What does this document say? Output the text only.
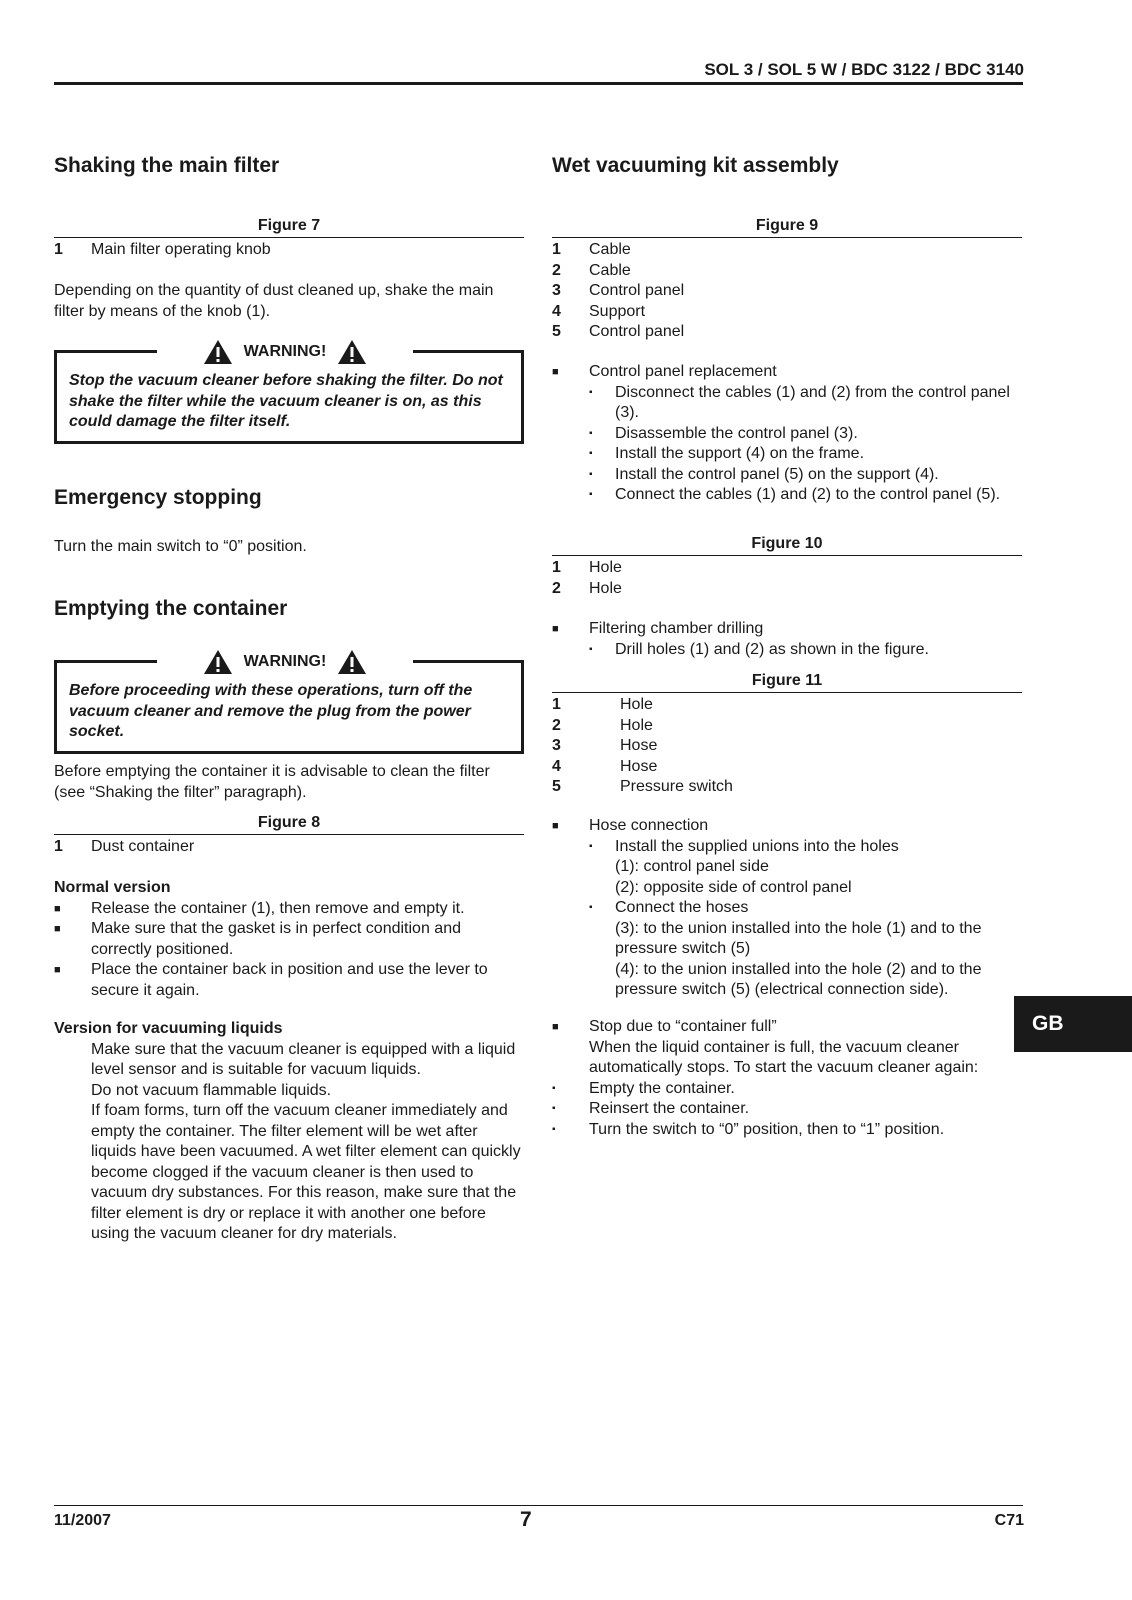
SOL 3 / SOL 5 W / BDC 3122 / BDC 3140
Shaking the main filter
Figure 7
1	Main filter operating knob

Depending on the quantity of dust cleaned up, shake the main filter by means of the knob (1).

WARNING!
Stop the vacuum cleaner before shaking the filter. Do not shake the filter while the vacuum cleaner is on, as this could damage the filter itself.
Emergency stopping

Turn the main switch to “0” position.

Emptying the container
WARNING!
Before proceeding with these operations, turn off the vacuum cleaner and remove the plug from the power socket.

Before emptying the container it is advisable to clean the filter (see “Shaking the filter” paragraph).

Figure 8
1	Dust container
Normal version
■	Release the container (1), then remove and empty it.
■	Make sure that the gasket is in perfect condition and correctly positioned.
■	Place the container back in position and use the lever to secure it again.
Version for vacuuming liquids

Make sure that the vacuum cleaner is equipped with a liquid level sensor and is suitable for vacuum liquids.

Do not vacuum flammable liquids.

If foam forms, turn off the vacuum cleaner immediately and empty the container. The filter element will be wet after liquids have been vacuumed. A wet filter element can quickly become clogged if the vacuum cleaner is then used to vacuum dry substances. For this reason, make sure that the filter element is dry or replace it with another one before using the vacuum cleaner for dry materials.

Wet vacuuming kit assembly
Figure 9
1	Cable
2	Cable
3	Control panel
4	Support
5	Control panel
■	Control panel replacement
▪	Disconnect the cables (1) and (2) from the control panel (3).
▪	Disassemble the control panel (3).
▪	Install the support (4) on the frame.
▪	Install the control panel (5) on the support (4).
▪	Connect the cables (1) and (2) to the control panel (5).
Figure 10
1	Hole
2	Hole
■	Filtering chamber drilling
▪	Drill holes (1) and (2) as shown in the figure.
Figure 11
1	Hole
2	Hole
3	Hose
4	Hose
5	Pressure switch
■	Hose connection
▪	Install the supplied unions into the holes
(1): control panel side
(2): opposite side of control panel
▪	Connect the hoses
(3): to the union installed into the hole (1) and to the pressure switch (5)
(4): to the union installed into the hole (2) and to the pressure switch (5) (electrical connection side).
■	Stop due to “container full”

When the liquid container is full, the vacuum cleaner automatically stops. To start the vacuum cleaner again:

▪	Empty the container.
▪	Reinsert the container.
▪	Turn the switch to “0” position, then to “1” position.
GB
11/2007	7	C71
